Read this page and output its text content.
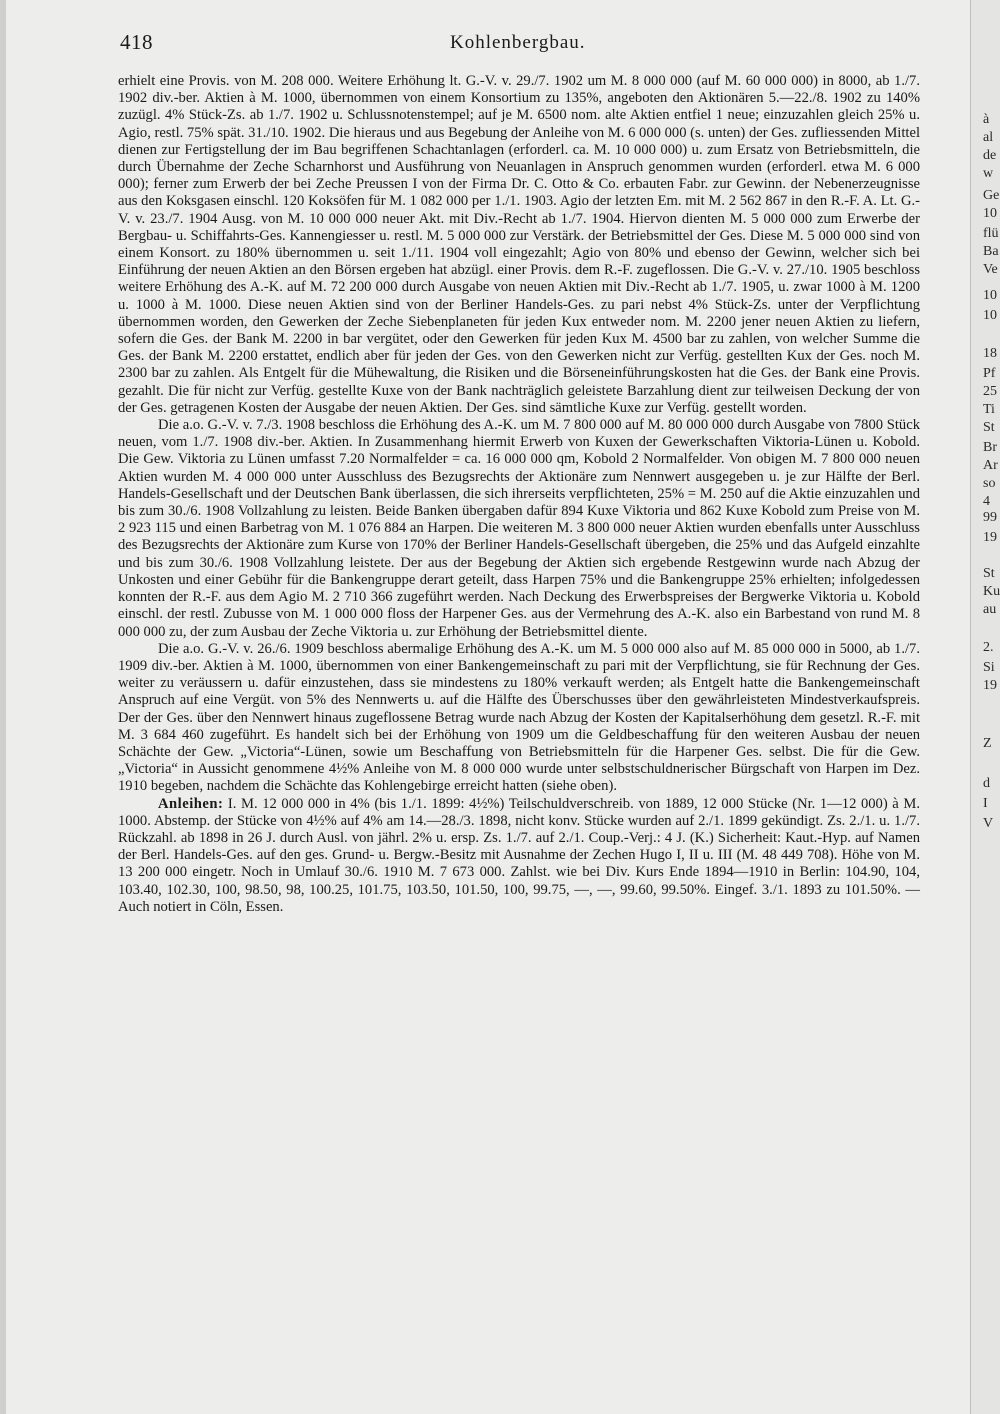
418	Kohlenbergbau.

erhielt eine Provis. von M. 208 000. Weitere Erhöhung lt. G.-V. v. 29./7. 1902 um M. 8 000 000 (auf M. 60 000 000) in 8000, ab 1./7. 1902 div.-ber. Aktien à M. 1000, übernommen von einem Konsortium zu 135%, angeboten den Aktionären 5.—22./8. 1902 zu 140% zuzügl. 4% Stück-Zs. ab 1./7. 1902 u. Schlussnotenstempel; auf je M. 6500 nom. alte Aktien entfiel 1 neue; einzuzahlen gleich 25% u. Agio, restl. 75% spät. 31./10. 1902. Die hieraus und aus Begebung der Anleihe von M. 6 000 000 (s. unten) der Ges. zufliessenden Mittel dienen zur Fertigstellung der im Bau begriffenen Schachtanlagen (erforderl. ca. M. 10 000 000) u. zum Ersatz von Betriebsmitteln, die durch Übernahme der Zeche Scharnhorst und Ausführung von Neuanlagen in Anspruch genommen wurden (erforderl. etwa M. 6 000 000); ferner zum Erwerb der bei Zeche Preussen I von der Firma Dr. C. Otto & Co. erbauten Fabr. zur Gewinn. der Nebenerzeugnisse aus den Koksgasen einschl. 120 Koksöfen für M. 1 082 000 per 1./1. 1903. Agio der letzten Em. mit M. 2 562 867 in den R.-F. A. Lt. G.-V. v. 23./7. 1904 Ausg. von M. 10 000 000 neuer Akt. mit Div.-Recht ab 1./7. 1904. Hiervon dienten M. 5 000 000 zum Erwerbe der Bergbau- u. Schiffahrts-Ges. Kannengiesser u. restl. M. 5 000 000 zur Verstärk. der Betriebsmittel der Ges. Diese M. 5 000 000 sind von einem Konsort. zu 180% übernommen u. seit 1./11. 1904 voll eingezahlt; Agio von 80% und ebenso der Gewinn, welcher sich bei Einführung der neuen Aktien an den Börsen ergeben hat abzügl. einer Provis. dem R.-F. zugeflossen. Die G.-V. v. 27./10. 1905 beschloss weitere Erhöhung des A.-K. auf M. 72 200 000 durch Ausgabe von neuen Aktien mit Div.-Recht ab 1./7. 1905, u. zwar 1000 à M. 1200 u. 1000 à M. 1000. Diese neuen Aktien sind von der Berliner Handels-Ges. zu pari nebst 4% Stück-Zs. unter der Verpflichtung übernommen worden, den Gewerken der Zeche Siebenplaneten für jeden Kux entweder nom. M. 2200 jener neuen Aktien zu liefern, sofern die Ges. der Bank M. 2200 in bar vergütet, oder den Gewerken für jeden Kux M. 4500 bar zu zahlen, von welcher Summe die Ges. der Bank M. 2200 erstattet, endlich aber für jeden der Ges. von den Gewerken nicht zur Verfüg. gestellten Kux der Ges. noch M. 2300 bar zu zahlen. Als Entgelt für die Mühewaltung, die Risiken und die Börseneinführungskosten hat die Ges. der Bank eine Provis. gezahlt. Die für nicht zur Verfüg. gestellte Kuxe von der Bank nachträglich geleistete Barzahlung dient zur teilweisen Deckung der von der Ges. getragenen Kosten der Ausgabe der neuen Aktien. Der Ges. sind sämtliche Kuxe zur Verfüg. gestellt worden.

Die a.o. G.-V. v. 7./3. 1908 beschloss die Erhöhung des A.-K. um M. 7 800 000 auf M. 80 000 000 durch Ausgabe von 7800 Stück neuen, vom 1./7. 1908 div.-ber. Aktien. In Zusammenhang hiermit Erwerb von Kuxen der Gewerkschaften Viktoria-Lünen u. Kobold. Die Gew. Viktoria zu Lünen umfasst 7.20 Normalfelder = ca. 16 000 000 qm, Kobold 2 Normalfelder. Von obigen M. 7 800 000 neuen Aktien wurden M. 4 000 000 unter Ausschluss des Bezugsrechts der Aktionäre zum Nennwert ausgegeben u. je zur Hälfte der Berl. Handels-Gesellschaft und der Deutschen Bank überlassen, die sich ihrerseits verpflichteten, 25% = M. 250 auf die Aktie einzuzahlen und bis zum 30./6. 1908 Vollzahlung zu leisten. Beide Banken übergaben dafür 894 Kuxe Viktoria und 862 Kuxe Kobold zum Preise von M. 2 923 115 und einen Barbetrag von M. 1 076 884 an Harpen. Die weiteren M. 3 800 000 neuer Aktien wurden ebenfalls unter Ausschluss des Bezugsrechts der Aktionäre zum Kurse von 170% der Berliner Handels-Gesellschaft übergeben, die 25% und das Aufgeld einzahlte und bis zum 30./6. 1908 Vollzahlung leistete. Der aus der Begebung der Aktien sich ergebende Restgewinn wurde nach Abzug der Unkosten und einer Gebühr für die Bankengruppe derart geteilt, dass Harpen 75% und die Bankengruppe 25% erhielten; infolgedessen konnten der R.-F. aus dem Agio M. 2 710 366 zugeführt werden. Nach Deckung des Erwerbspreises der Bergwerke Viktoria u. Kobold einschl. der restl. Zubusse von M. 1 000 000 floss der Harpener Ges. aus der Vermehrung des A.-K. also ein Barbestand von rund M. 8 000 000 zu, der zum Ausbau der Zeche Viktoria u. zur Erhöhung der Betriebsmittel diente.

Die a.o. G.-V. v. 26./6. 1909 beschloss abermalige Erhöhung des A.-K. um M. 5 000 000 also auf M. 85 000 000 in 5000, ab 1./7. 1909 div.-ber. Aktien à M. 1000, übernommen von einer Bankengemeinschaft zu pari mit der Verpflichtung, sie für Rechnung der Ges. weiter zu veräussern u. dafür einzustehen, dass sie mindestens zu 180% verkauft werden; als Entgelt hatte die Bankengemeinschaft Anspruch auf eine Vergüt. von 5% des Nennwerts u. auf die Hälfte des Überschusses über den gewährleisteten Mindestverkaufspreis. Der der Ges. über den Nennwert hinaus zugeflossene Betrag wurde nach Abzug der Kosten der Kapitalserhöhung dem gesetzl. R.-F. mit M. 3 684 460 zugeführt. Es handelt sich bei der Erhöhung von 1909 um die Geldbeschaffung für den weiteren Ausbau der neuen Schächte der Gew. „Victoria“-Lünen, sowie um Beschaffung von Betriebsmitteln für die Harpener Ges. selbst. Die für die Gew. „Victoria“ in Aussicht genommene 4½% Anleihe von M. 8 000 000 wurde unter selbstschuldnerischer Bürgschaft von Harpen im Dez. 1910 begeben, nachdem die Schächte das Kohlengebirge erreicht hatten (siehe oben).

Anleihen: I. M. 12 000 000 in 4% (bis 1./1. 1899: 4½%) Teilschuldverschreib. von 1889, 12 000 Stücke (Nr. 1—12 000) à M. 1000. Abstemp. der Stücke von 4½% auf 4% am 14.—28./3. 1898, nicht konv. Stücke wurden auf 2./1. 1899 gekündigt. Zs. 2./1. u. 1./7. Rückzahl. ab 1898 in 26 J. durch Ausl. von jährl. 2% u. ersp. Zs. 1./7. auf 2./1. Coup.-Verj.: 4 J. (K.) Sicherheit: Kaut.-Hyp. auf Namen der Berl. Handels-Ges. auf den ges. Grund- u. Bergw.-Besitz mit Ausnahme der Zechen Hugo I, II u. III (M. 48 449 708). Höhe von M. 13 200 000 eingetr. Noch in Umlauf 30./6. 1910 M. 7 673 000. Zahlst. wie bei Div. Kurs Ende 1894—1910 in Berlin: 104.90, 104, 103.40, 102.30, 100, 98.50, 98, 100.25, 101.75, 103.50, 101.50, 100, 99.75, —, —, 99.60, 99.50%. Eingef. 3./1. 1893 zu 101.50%. — Auch notiert in Cöln, Essen.

à
al
de
w
Ge
10
flü
Ba
Ve
10
10
18
Pf
25
Ti
St
Br
Ar
so
4
99
19
St
Ku
au
2.
Si
19
Z
d
I
V
